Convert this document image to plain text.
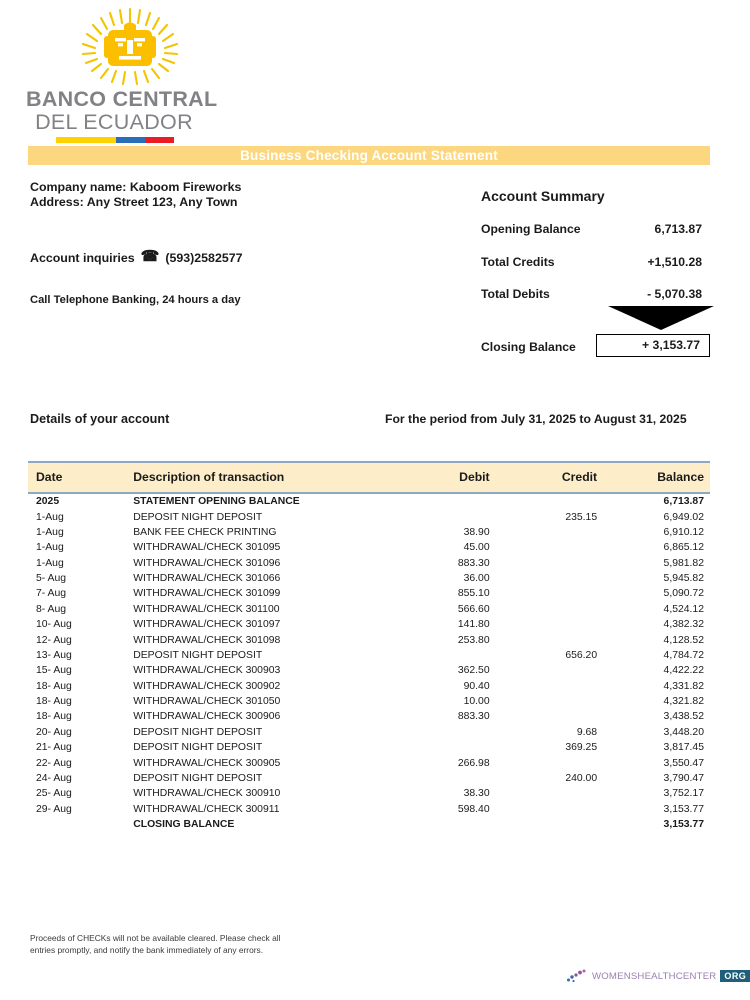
BANCO CENTRAL
DEL ECUADOR
Business Checking Account Statement
Company name: Kaboom Fireworks
Address: Any Street 123, Any Town
Account inquiries ☎ (593)2582577
Call Telephone Banking, 24 hours a day
Account Summary
Opening Balance	6,713.87
Total Credits	+1,510.28
Total Debits	- 5,070.38
Closing Balance	+ 3,153.77
Details of your account	For the period from July 31, 2025 to August 31, 2025
Date	Description of transaction	Debit	Credit	Balance
2025	STATEMENT OPENING BALANCE			6,713.87
1-Aug	DEPOSIT NIGHT DEPOSIT		235.15	6,949.02
1-Aug	BANK FEE CHECK PRINTING	38.90		6,910.12
1-Aug	WITHDRAWAL/CHECK 301095	45.00		6,865.12
1-Aug	WITHDRAWAL/CHECK 301096	883.30		5,981.82
5- Aug	WITHDRAWAL/CHECK 301066	36.00		5,945.82
7- Aug	WITHDRAWAL/CHECK 301099	855.10		5,090.72
8- Aug	WITHDRAWAL/CHECK 301100	566.60		4,524.12
10- Aug	WITHDRAWAL/CHECK 301097	141.80		4,382.32
12- Aug	WITHDRAWAL/CHECK 301098	253.80		4,128.52
13- Aug	DEPOSIT NIGHT DEPOSIT		656.20	4,784.72
15- Aug	WITHDRAWAL/CHECK 300903	362.50		4,422.22
18- Aug	WITHDRAWAL/CHECK 300902	90.40		4,331.82
18- Aug	WITHDRAWAL/CHECK 301050	10.00		4,321.82
18- Aug	WITHDRAWAL/CHECK 300906	883.30		3,438.52
20- Aug	DEPOSIT NIGHT DEPOSIT		9.68	3,448.20
21- Aug	DEPOSIT NIGHT DEPOSIT		369.25	3,817.45
22- Aug	WITHDRAWAL/CHECK 300905	266.98		3,550.47
24- Aug	DEPOSIT NIGHT DEPOSIT		240.00	3,790.47
25- Aug	WITHDRAWAL/CHECK 300910	38.30		3,752.17
29- Aug	WITHDRAWAL/CHECK 300911	598.40		3,153.77
	CLOSING BALANCE			3,153.77
Proceeds of CHECKs will not be available cleared. Please check all entries promptly, and notify the bank immediately of any errors.
WOMENSHEALTHCENTER ORG
